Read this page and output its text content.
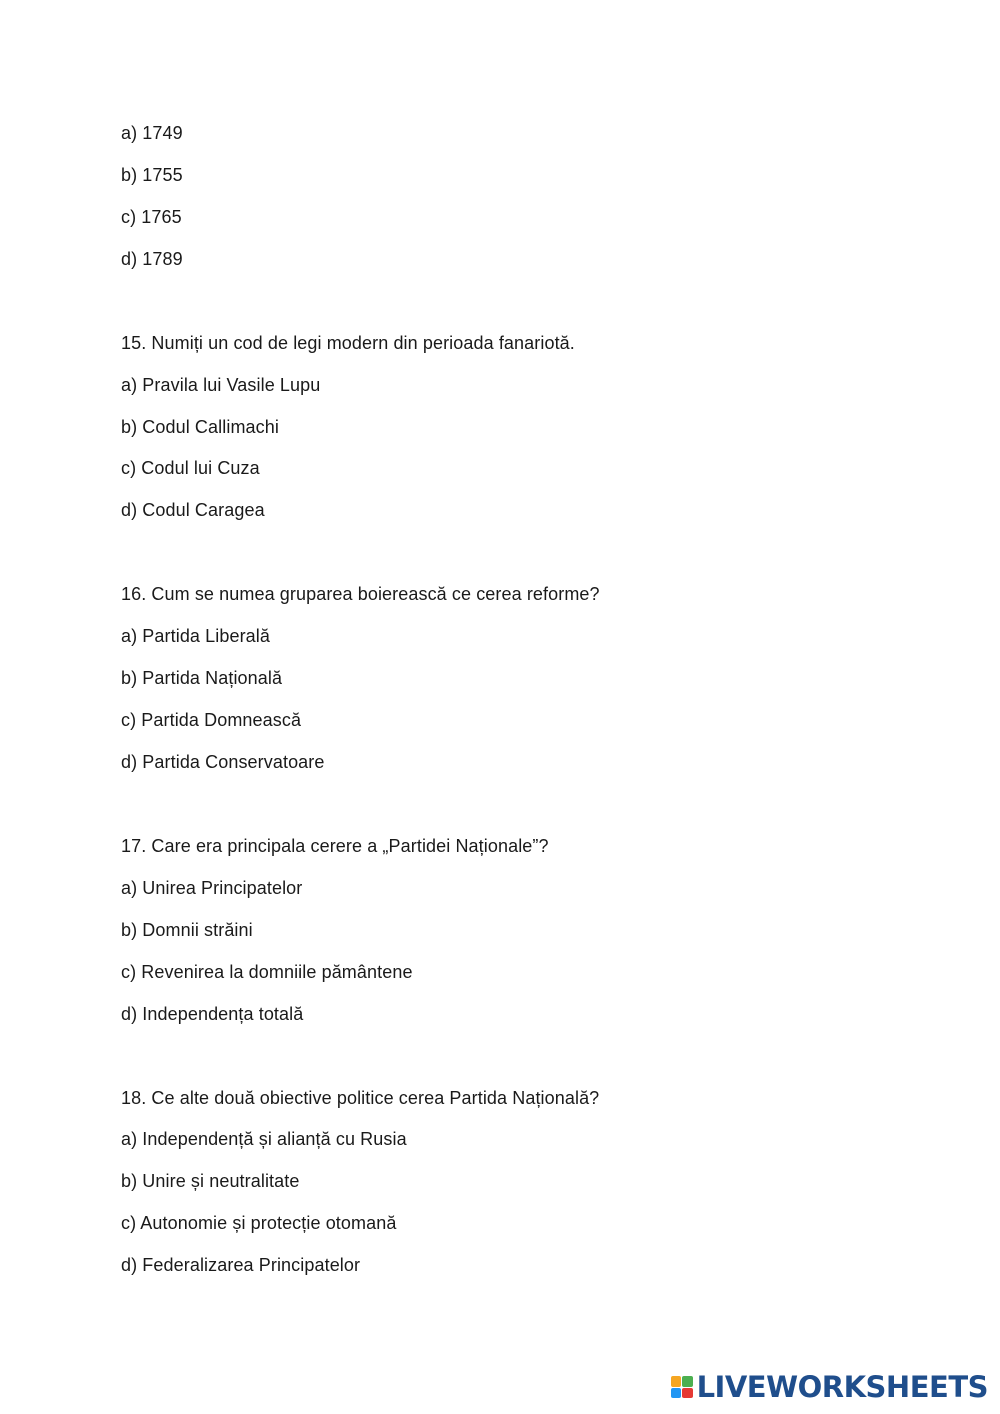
a) 1749
b) 1755
c) 1765
d) 1789
15. Numiți un cod de legi modern din perioada fanariotă.
a) Pravila lui Vasile Lupu
b) Codul Callimachi
c) Codul lui Cuza
d) Codul Caragea
16. Cum se numea gruparea boierească ce cerea reforme?
a) Partida Liberală
b) Partida Națională
c) Partida Domnească
d) Partida Conservatoare
17. Care era principala cerere a „Partidei Naționale”?
a) Unirea Principatelor
b) Domnii străini
c) Revenirea la domniile pământene
d) Independența totală
18. Ce alte două obiective politice cerea Partida Națională?
a) Independență și alianță cu Rusia
b) Unire și neutralitate
c) Autonomie și protecție otomană
d) Federalizarea Principatelor
LIVEWORKSHEETS
